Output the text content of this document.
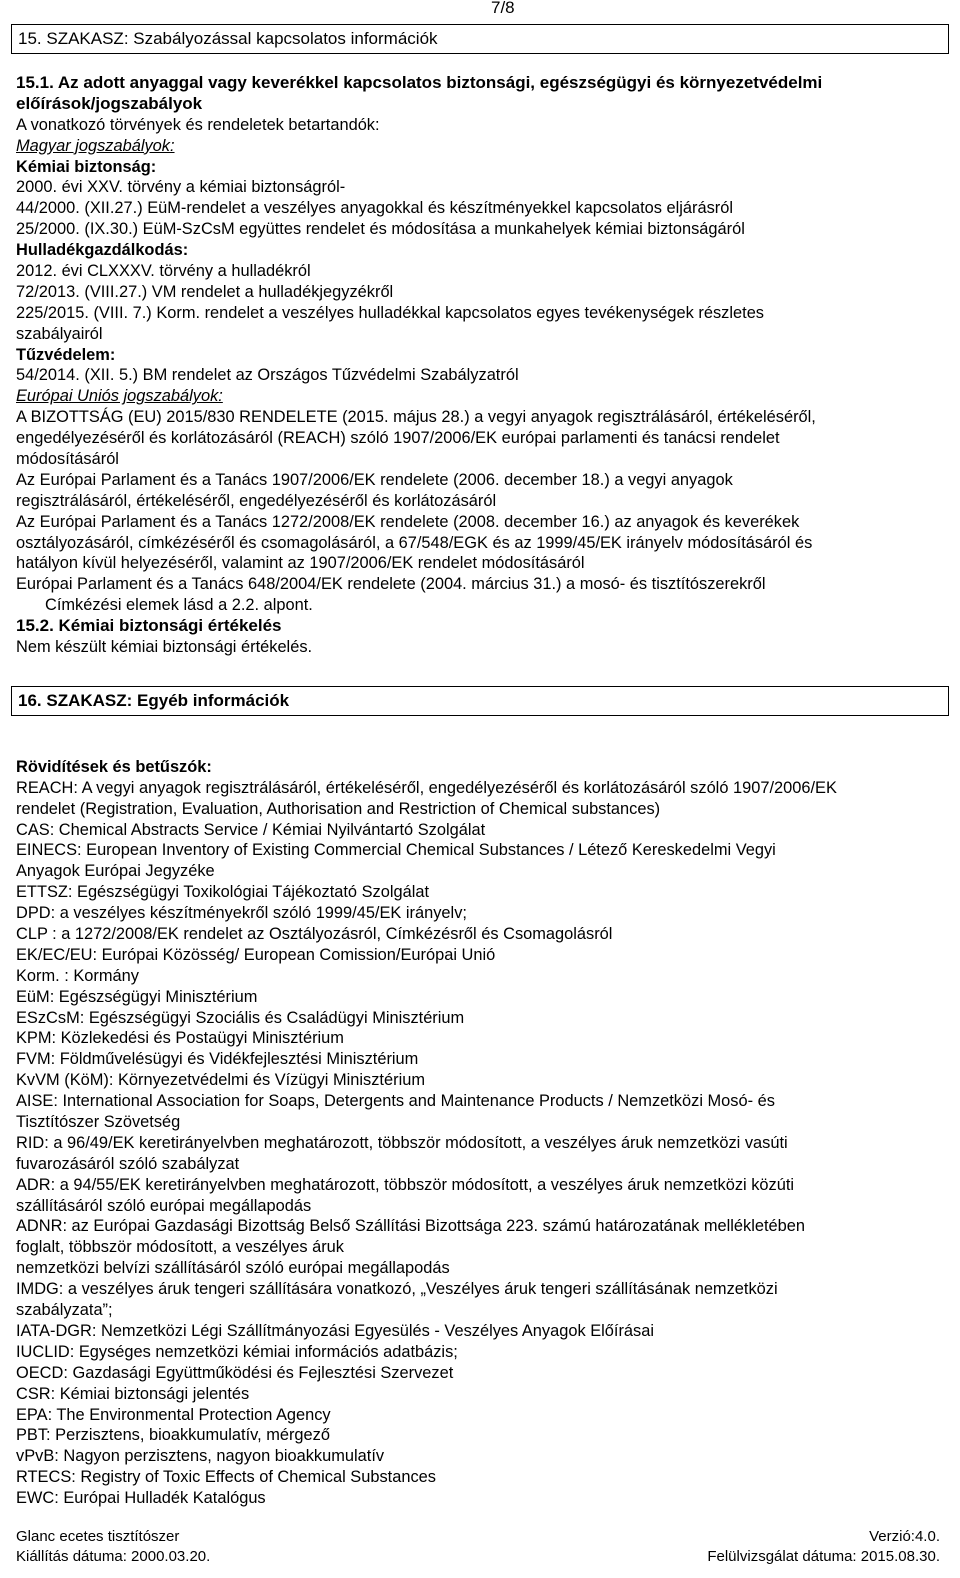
7/8
15. SZAKASZ: Szabályozással kapcsolatos információk
15.1. Az adott anyaggal vagy keverékkel kapcsolatos biztonsági, egészségügyi és környezetvédelmi
előírások/jogszabályok
A vonatkozó törvények és rendeletek betartandók:
Magyar jogszabályok:
Kémiai biztonság:
2000. évi XXV. törvény a kémiai biztonságról-
44/2000. (XII.27.) EüM-rendelet a veszélyes anyagokkal és készítményekkel kapcsolatos eljárásról
25/2000. (IX.30.) EüM-SzCsM együttes rendelet és módosítása a munkahelyek kémiai biztonságáról
Hulladékgazdálkodás:
2012. évi CLXXXV. törvény a hulladékról
72/2013. (VIII.27.) VM rendelet a hulladékjegyzékről
225/2015. (VIII. 7.) Korm. rendelet a veszélyes hulladékkal kapcsolatos egyes tevékenységek részletes
szabályairól
Tűzvédelem:
54/2014. (XII. 5.) BM rendelet az Országos Tűzvédelmi Szabályzatról
Európai Uniós jogszabályok:
A BIZOTTSÁG (EU) 2015/830 RENDELETE (2015. május 28.) a vegyi anyagok regisztrálásáról, értékeléséről,
engedélyezéséről és korlátozásáról (REACH) szóló 1907/2006/EK európai parlamenti és tanácsi rendelet
módosításáról
Az Európai Parlament és a Tanács 1907/2006/EK rendelete (2006. december 18.) a vegyi anyagok
regisztrálásáról, értékeléséről, engedélyezéséről és korlátozásáról
Az Európai Parlament és a Tanács 1272/2008/EK rendelete (2008. december 16.) az anyagok és keverékek
osztályozásáról, címkézéséről és csomagolásáról, a 67/548/EGK és az 1999/45/EK irányelv módosításáról és
hatályon kívül helyezéséről, valamint az 1907/2006/EK rendelet módosításáról
Európai Parlament és a Tanács 648/2004/EK rendelete (2004. március 31.) a mosó- és tisztítószerekről
Címkézési elemek lásd a 2.2. alpont.
15.2. Kémiai biztonsági értékelés
Nem készült kémiai biztonsági értékelés.
16. SZAKASZ: Egyéb információk
Rövidítések és betűszók:
REACH: A vegyi anyagok regisztrálásáról, értékeléséről, engedélyezéséről és korlátozásáról szóló 1907/2006/EK
rendelet (Registration, Evaluation, Authorisation and Restriction of Chemical substances)
CAS: Chemical Abstracts Service / Kémiai Nyilvántartó Szolgálat
EINECS: European Inventory of Existing Commercial Chemical Substances / Létező Kereskedelmi Vegyi
Anyagok Európai Jegyzéke
ETTSZ: Egészségügyi Toxikológiai Tájékoztató Szolgálat
DPD: a veszélyes készítményekről szóló 1999/45/EK irányelv;
CLP : a 1272/2008/EK rendelet az Osztályozásról, Címkézésről és Csomagolásról
EK/EC/EU: Európai Közösség/ European Comission/Európai Unió
Korm. : Kormány
EüM: Egészségügyi Minisztérium
ESzCsM: Egészségügyi Szociális és Családügyi Minisztérium
KPM: Közlekedési és Postaügyi Minisztérium
FVM: Földművelésügyi és Vidékfejlesztési Minisztérium
KvVM (KöM): Környezetvédelmi és Vízügyi Minisztérium
AISE: International Association for Soaps, Detergents and Maintenance Products / Nemzetközi Mosó- és
Tisztítószer Szövetség
RID: a 96/49/EK keretirányelvben meghatározott, többször módosított, a veszélyes áruk nemzetközi vasúti
fuvarozásáról szóló szabályzat
ADR: a 94/55/EK keretirányelvben meghatározott, többször módosított, a veszélyes áruk nemzetközi közúti
szállításáról szóló európai megállapodás
ADNR: az Európai Gazdasági Bizottság Belső Szállítási Bizottsága 223. számú határozatának mellékletében
foglalt, többször módosított, a veszélyes áruk
nemzetközi belvízi szállításáról szóló európai megállapodás
IMDG: a veszélyes áruk tengeri szállítására vonatkozó, „Veszélyes áruk tengeri szállításának nemzetközi
szabályzata”;
IATA-DGR: Nemzetközi Légi Szállítmányozási Egyesülés - Veszélyes Anyagok Előírásai
IUCLID: Egységes nemzetközi kémiai információs adatbázis;
OECD: Gazdasági Együttműködési és Fejlesztési Szervezet
CSR: Kémiai biztonsági jelentés
EPA: The Environmental Protection Agency
PBT: Perzisztens, bioakkumulatív, mérgező
vPvB: Nagyon perzisztens, nagyon bioakkumulatív
RTECS: Registry of Toxic Effects of Chemical Substances
EWC: Európai Hulladék Katalógus
Glanc ecetes tisztítószer	Verzió:4.0.
Kiállítás dátuma: 2000.03.20.	Felülvizsgálat dátuma: 2015.08.30.
